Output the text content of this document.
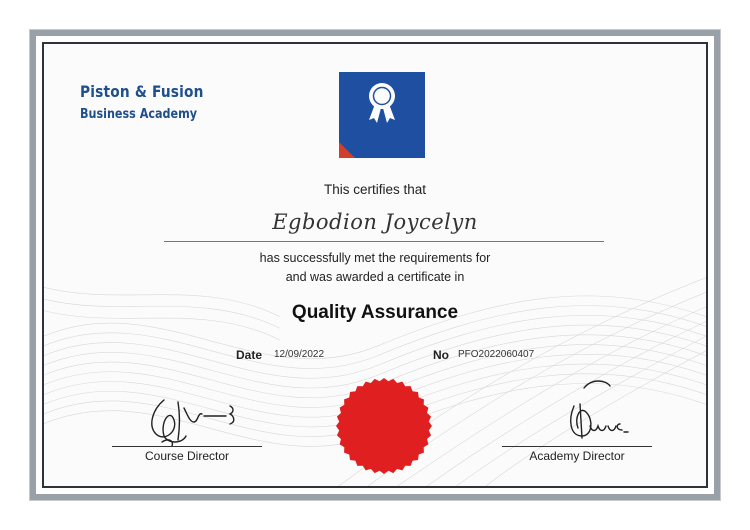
Piston & Fusion
Business Academy
This certifies that
Egbodion Joycelyn
has successfully met the requirements for
and was awarded a certificate in
Quality Assurance
Date 12/09/2022	No PFO2022060407
Course Director	Academy Director
